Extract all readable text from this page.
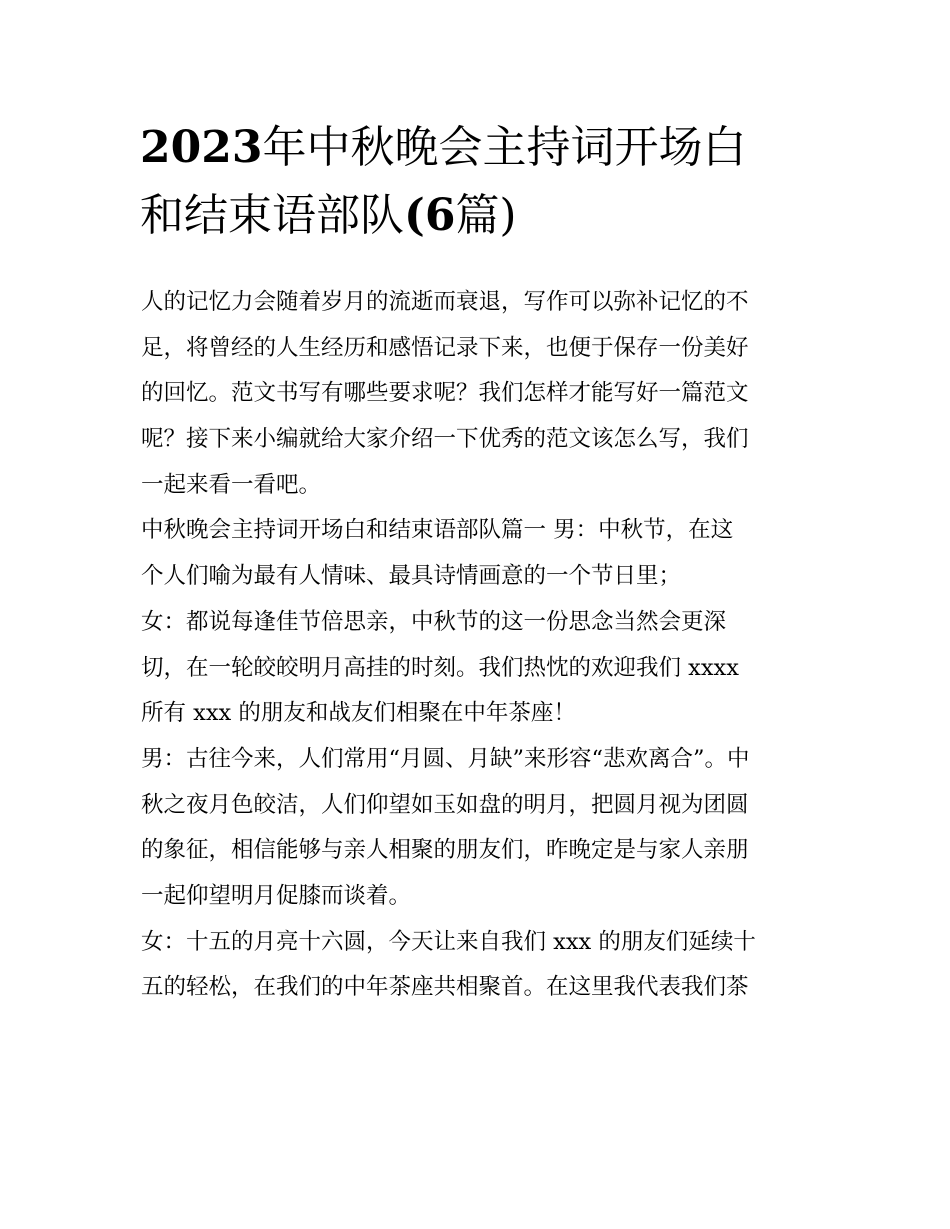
2023年中秋晚会主持词开场白
和结束语部队(6篇)
人的记忆力会随着岁月的流逝而衰退，写作可以弥补记忆的不
足，将曾经的人生经历和感悟记录下来，也便于保存一份美好
的回忆。范文书写有哪些要求呢？我们怎样才能写好一篇范文
呢？接下来小编就给大家介绍一下优秀的范文该怎么写，我们
一起来看一看吧。
中秋晚会主持词开场白和结束语部队篇一 男：中秋节，在这
个人们喻为最有人情味、最具诗情画意的一个节日里；
女：都说每逢佳节倍思亲，中秋节的这一份思念当然会更深
切，在一轮皎皎明月高挂的时刻。我们热忱的欢迎我们 xxxx
所有 xxx 的朋友和战友们相聚在中年茶座！
男：古往今来，人们常用“月圆、月缺”来形容“悲欢离合”。中
秋之夜月色皎洁，人们仰望如玉如盘的明月，把圆月视为团圆
的象征，相信能够与亲人相聚的朋友们，昨晚定是与家人亲朋
一起仰望明月促膝而谈着。
女：十五的月亮十六圆，今天让来自我们 xxx 的朋友们延续十
五的轻松，在我们的中年茶座共相聚首。在这里我代表我们茶
